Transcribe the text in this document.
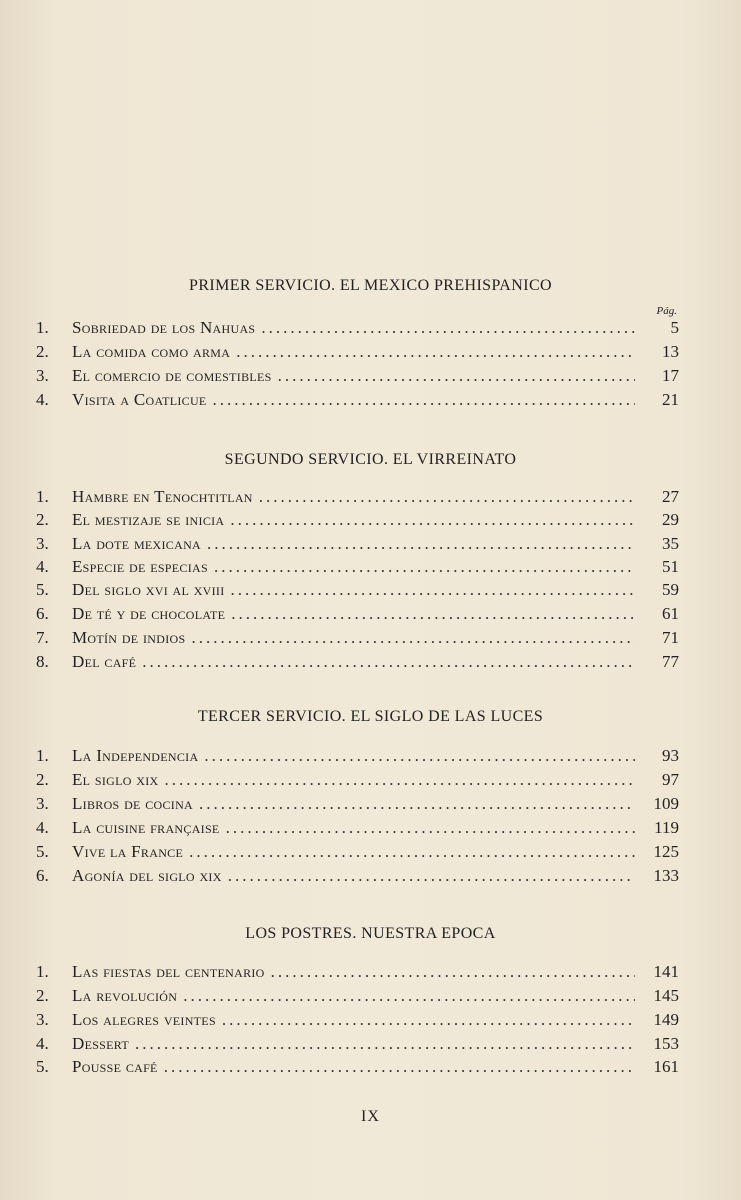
PRIMER SERVICIO. EL MEXICO PREHISPANICO
Pág.
1.	Sobriedad de los Nahuas .....	5
2.	La comida como arma .....	13
3.	El comercio de comestibles .....	17
4.	Visita a Coatlicue .....	21
SEGUNDO SERVICIO. EL VIRREINATO
1.	Hambre en Tenochtitlan .....	27
2.	El mestizaje se inicia .....	29
3.	La dote mexicana .....	35
4.	Especie de especias .....	51
5.	Del siglo xvi al xviii .....	59
6.	De té y de chocolate .....	61
7.	Motín de indios .....	71
8.	Del café .....	77
TERCER SERVICIO. EL SIGLO DE LAS LUCES
1.	La Independencia .....	93
2.	El siglo xix .....	97
3.	Libros de cocina .....	109
4.	La cuisine française .....	119
5.	Vive la France .....	125
6.	Agonía del siglo xix .....	133
LOS POSTRES. NUESTRA EPOCA
1.	Las fiestas del centenario .....	141
2.	La revolución .....	145
3.	Los alegres veintes .....	149
4.	Dessert .....	153
5.	Pousse café .....	161
IX
